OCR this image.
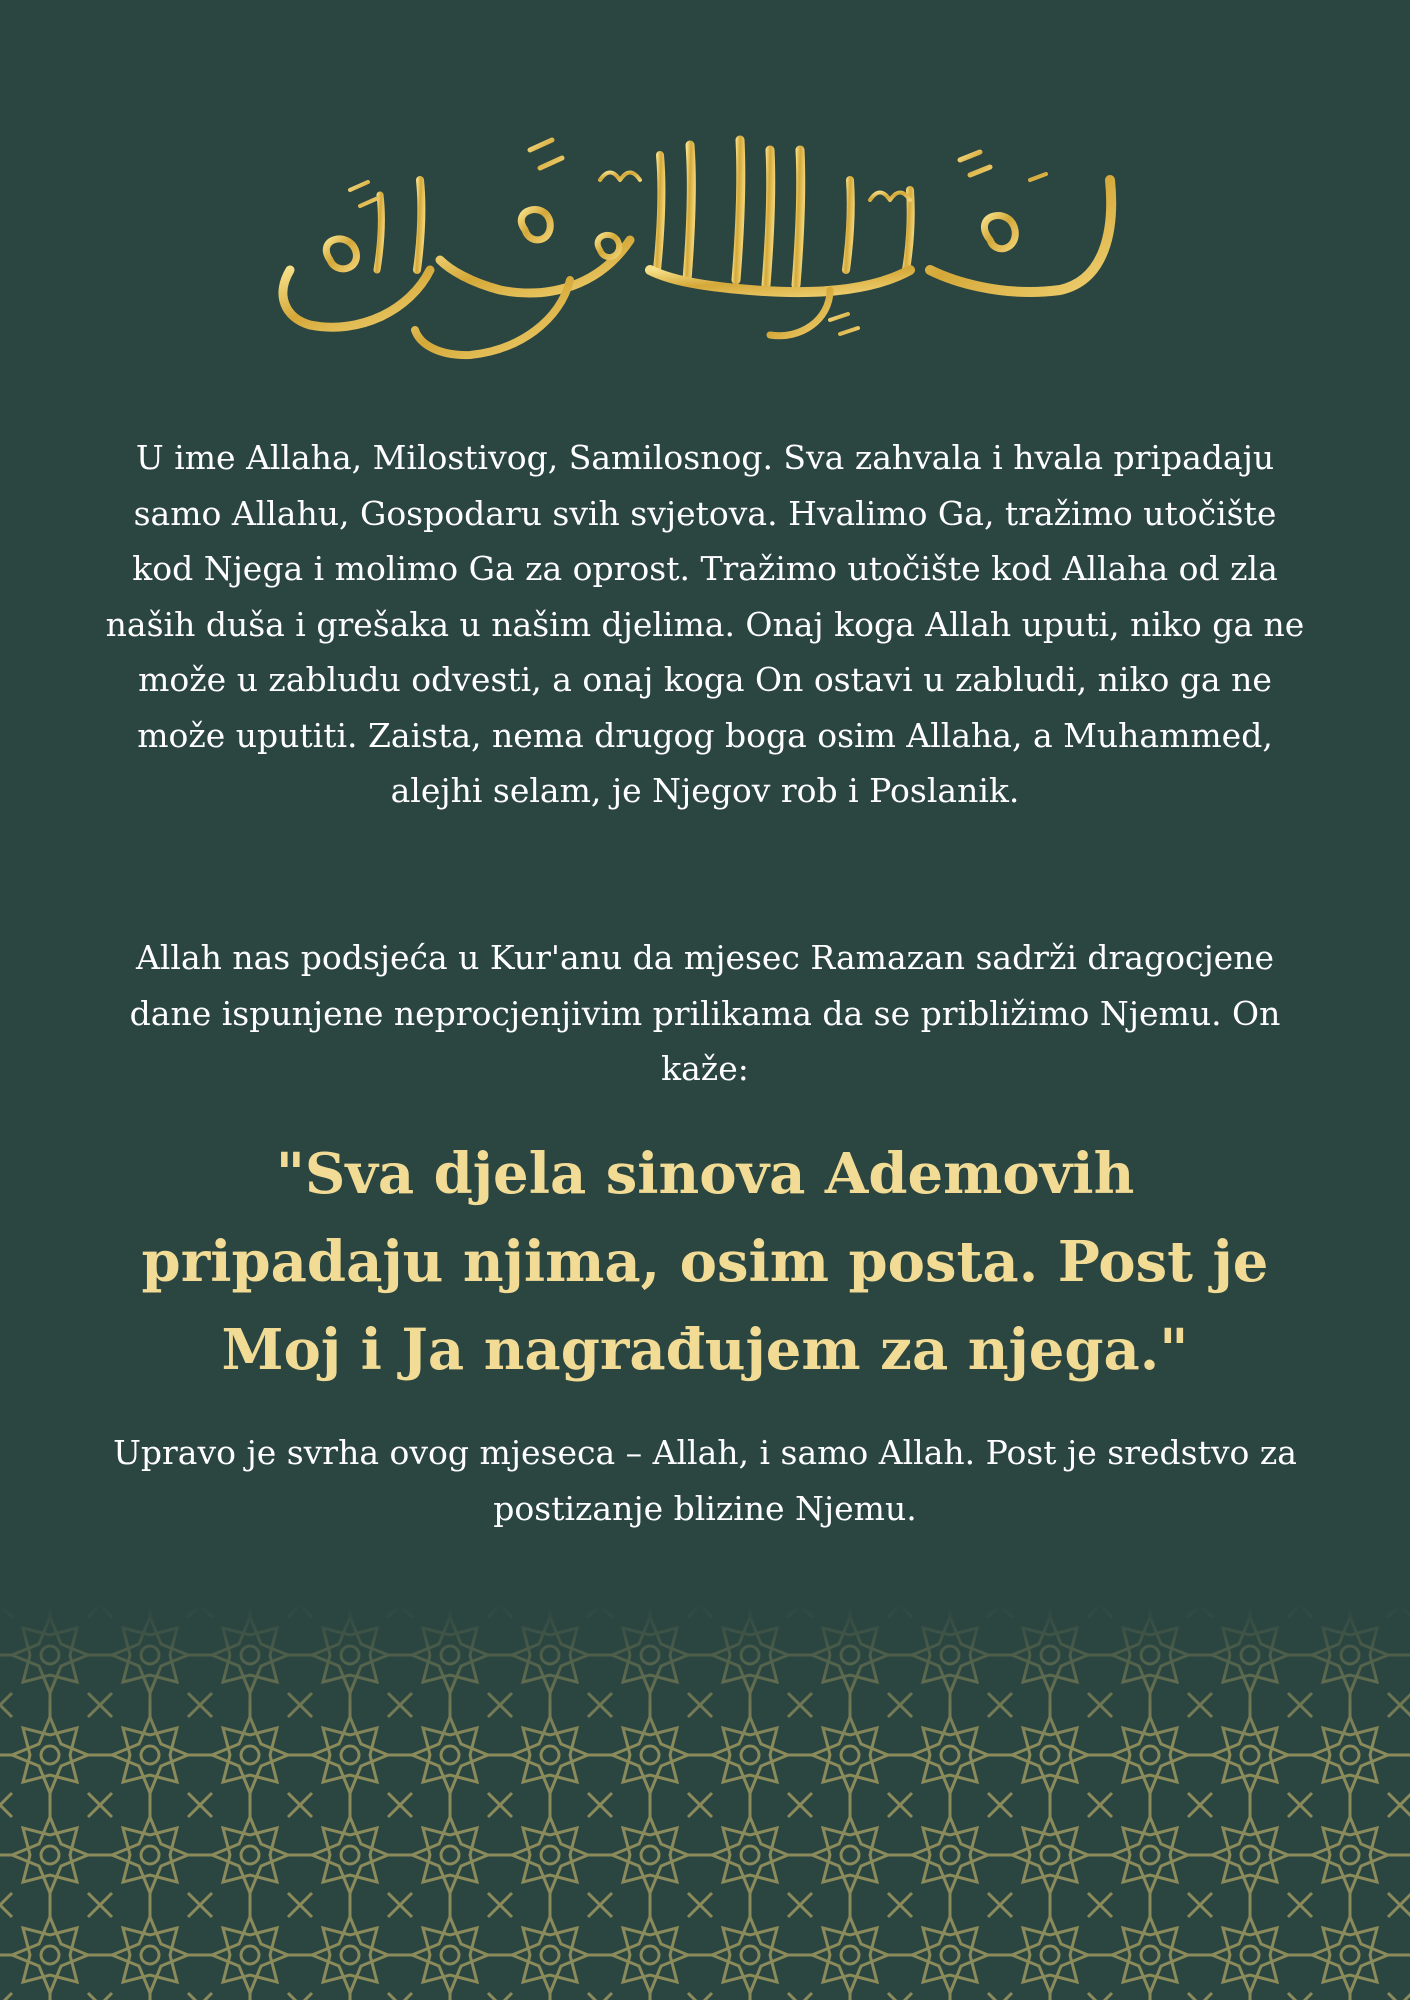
U ime Allaha, Milostivog, Samilosnog. Sva zahvala i hvala pripadaju samo Allahu, Gospodaru svih svjetova. Hvalimo Ga, tražimo utočište kod Njega i molimo Ga za oprost. Tražimo utočište kod Allaha od zla naših duša i grešaka u našim djelima. Onaj koga Allah uputi, niko ga ne može u zabludu odvesti, a onaj koga On ostavi u zabludi, niko ga ne može uputiti. Zaista, nema drugog boga osim Allaha, a Muhammed, alejhi selam, je Njegov rob i Poslanik.

Allah nas podsjeća u Kur'anu da mjesec Ramazan sadrži dragocjene dane ispunjene neprocjenjivim prilikama da se približimo Njemu. On kaže:

"Sva djela sinova Ademovih pripadaju njima, osim posta. Post je Moj i Ja nagrađujem za njega."

Upravo je svrha ovog mjeseca – Allah, i samo Allah. Post je sredstvo za postizanje blizine Njemu.
